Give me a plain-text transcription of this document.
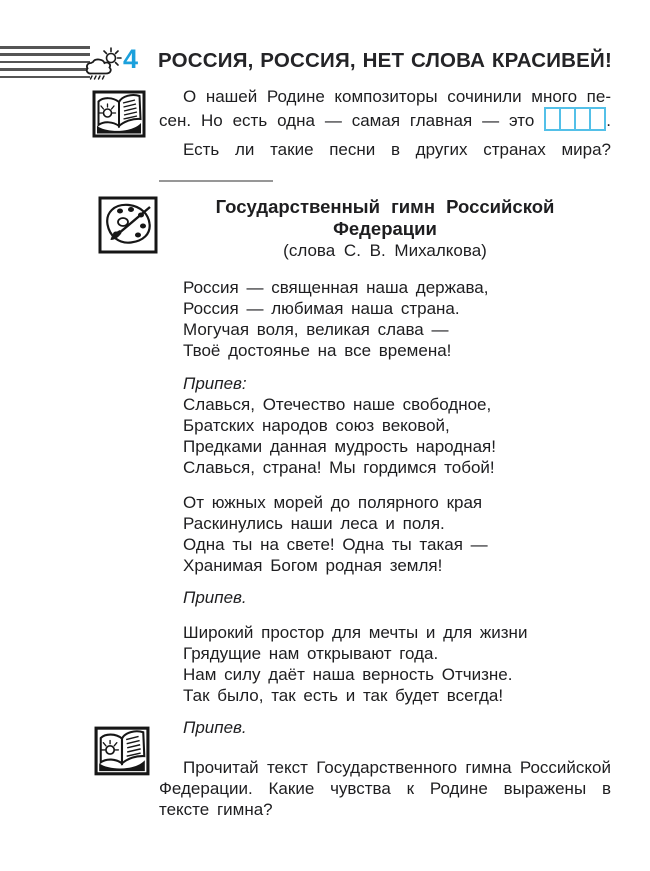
4 РОССИЯ, РОССИЯ, НЕТ СЛОВА КРАСИВЕЙ!
О нашей Родине композиторы сочинили много пе-
сен. Но есть одна — самая главная — это	.
Есть ли такие песни в других странах мира?
Государственный гимн Российской Федерации
(слова С. В. Михалкова)
Россия — священная наша держава,
Россия — любимая наша страна.
Могучая воля, великая слава —
Твоё достоянье на все времена!
Припев:
Славься, Отечество наше свободное,
Братских народов союз вековой,
Предками данная мудрость народная!
Славься, страна! Мы гордимся тобой!
От южных морей до полярного края
Раскинулись наши леса и поля.
Одна ты на свете! Одна ты такая —
Хранимая Богом родная земля!
Припев.
Широкий простор для мечты и для жизни
Грядущие нам открывают года.
Нам силу даёт наша верность Отчизне.
Так было, так есть и так будет всегда!
Припев.
Прочитай текст Государственного гимна Российской
Федерации. Какие чувства к Родине выражены в
тексте гимна?
